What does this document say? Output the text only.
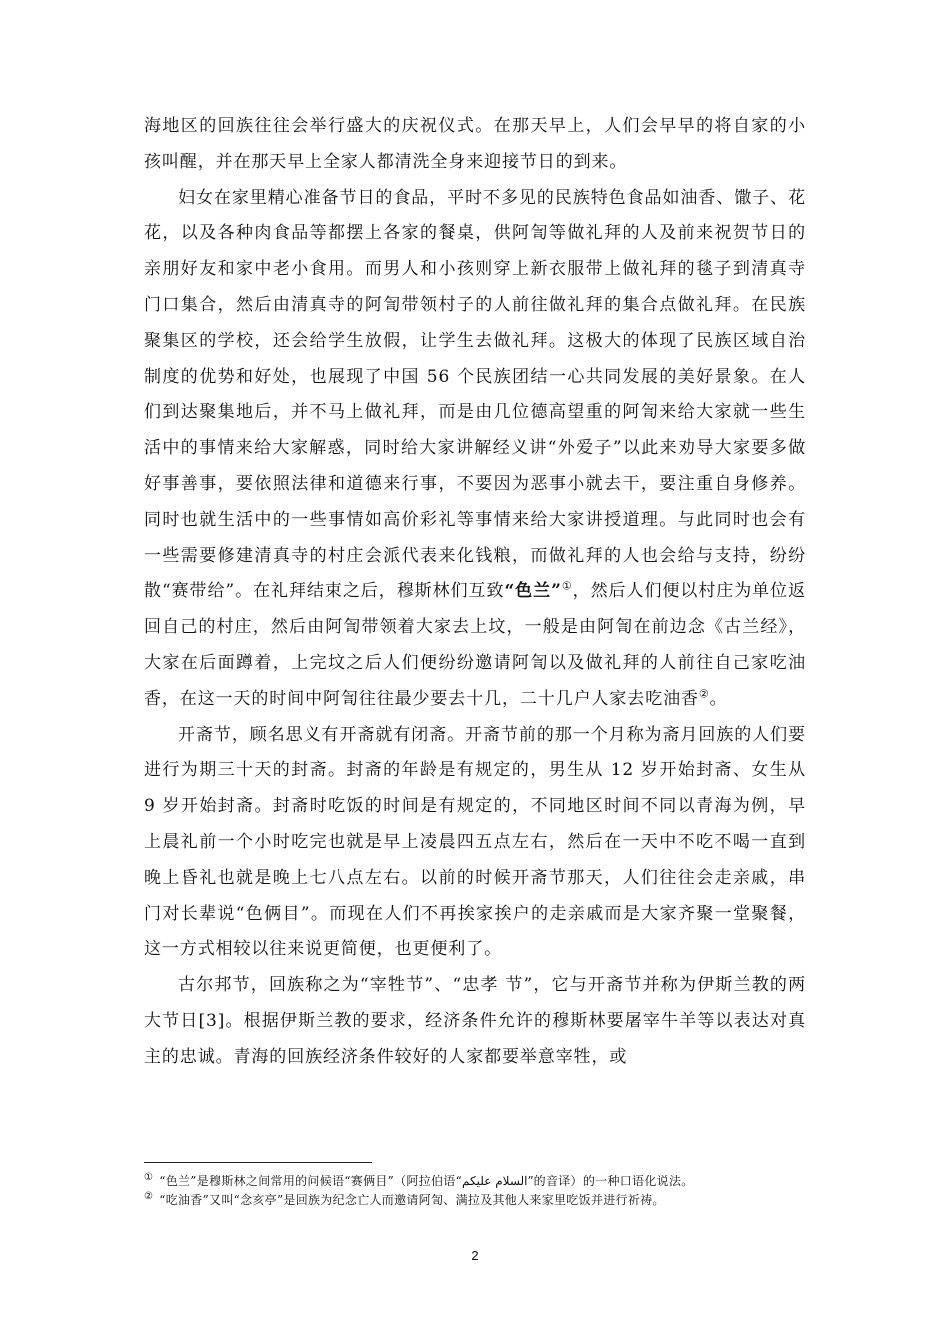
海地区的回族往往会举行盛大的庆祝仪式。在那天早上，人们会早早的将自家的小孩叫醒，并在那天早上全家人都清洗全身来迎接节日的到来。

妇女在家里精心准备节日的食品，平时不多见的民族特色食品如油香、馓子、花花，以及各种肉食品等都摆上各家的餐桌，供阿訇等做礼拜的人及前来祝贺节日的亲朋好友和家中老小食用。而男人和小孩则穿上新衣服带上做礼拜的毯子到清真寺门口集合，然后由清真寺的阿訇带领村子的人前往做礼拜的集合点做礼拜。在民族聚集区的学校，还会给学生放假，让学生去做礼拜。这极大的体现了民族区域自治制度的优势和好处，也展现了中国 56 个民族团结一心共同发展的美好景象。在人们到达聚集地后，并不马上做礼拜，而是由几位德高望重的阿訇来给大家就一些生活中的事情来给大家解惑，同时给大家讲解经义讲“外爱子”以此来劝导大家要多做好事善事，要依照法律和道德来行事，不要因为恶事小就去干，要注重自身修养。同时也就生活中的一些事情如高价彩礼等事情来给大家讲授道理。与此同时也会有一些需要修建清真寺的村庄会派代表来化钱粮，而做礼拜的人也会给与支持，纷纷散“赛带给”。在礼拜结束之后，穆斯林们互致“色兰”①，然后人们便以村庄为单位返回自己的村庄，然后由阿訇带领着大家去上坟，一般是由阿訇在前边念《古兰经》，大家在后面蹲着，上完坟之后人们便纷纷邀请阿訇以及做礼拜的人前往自己家吃油香，在这一天的时间中阿訇往往最少要去十几，二十几户人家去吃油香②。

开斋节，顾名思义有开斋就有闭斋。开斋节前的那一个月称为斋月回族的人们要进行为期三十天的封斋。封斋的年龄是有规定的，男生从 12 岁开始封斋、女生从 9 岁开始封斋。封斋时吃饭的时间是有规定的，不同地区时间不同以青海为例，早上晨礼前一个小时吃完也就是早上凌晨四五点左右，然后在一天中不吃不喝一直到晚上昏礼也就是晚上七八点左右。以前的时候开斋节那天，人们往往会走亲戚，串门对长辈说“色俩目”。而现在人们不再挨家挨户的走亲戚而是大家齐聚一堂聚餐，这一方式相较以往来说更简便，也更便利了。

古尔邦节，回族称之为“宰牲节”、“忠孝 节”，它与开斋节并称为伊斯兰教的两大节日[3]。根据伊斯兰教的要求，经济条件允许的穆斯林要屠宰牛羊等以表达对真主的忠诚。青海的回族经济条件较好的人家都要举意宰牲，或

① “色兰”是穆斯林之间常用的问候语“赛俩目”（阿拉伯语“السلام عليكم”的音译）的一种口语化说法。

② “吃油香”又叫“念亥亭”是回族为纪念亡人而邀请阿訇、满拉及其他人来家里吃饭并进行祈祷。

2
